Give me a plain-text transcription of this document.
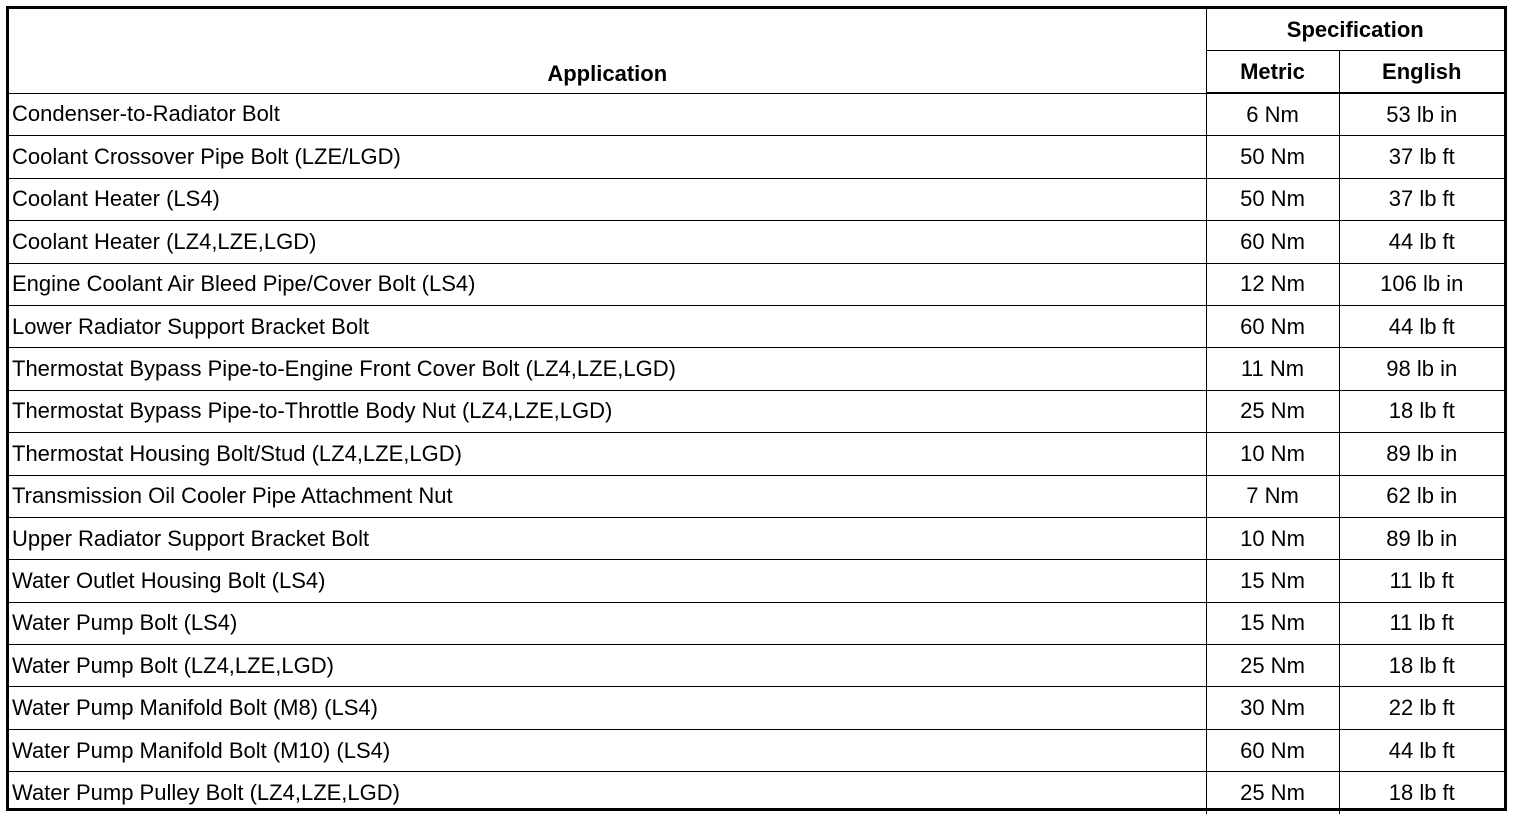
Application	Specification	
	Metric	English
Condenser-to-Radiator Bolt	6 Nm	53 lb in
Coolant Crossover Pipe Bolt (LZE/LGD)	50 Nm	37 lb ft
Coolant Heater (LS4)	50 Nm	37 lb ft
Coolant Heater (LZ4,LZE,LGD)	60 Nm	44 lb ft
Engine Coolant Air Bleed Pipe/Cover Bolt (LS4)	12 Nm	106 lb in
Lower Radiator Support Bracket Bolt	60 Nm	44 lb ft
Thermostat Bypass Pipe-to-Engine Front Cover Bolt (LZ4,LZE,LGD)	11 Nm	98 lb in
Thermostat Bypass Pipe-to-Throttle Body Nut (LZ4,LZE,LGD)	25 Nm	18 lb ft
Thermostat Housing Bolt/Stud (LZ4,LZE,LGD)	10 Nm	89 lb in
Transmission Oil Cooler Pipe Attachment Nut	7 Nm	62 lb in
Upper Radiator Support Bracket Bolt	10 Nm	89 lb in
Water Outlet Housing Bolt (LS4)	15 Nm	11 lb ft
Water Pump Bolt (LS4)	15 Nm	11 lb ft
Water Pump Bolt (LZ4,LZE,LGD)	25 Nm	18 lb ft
Water Pump Manifold Bolt (M8) (LS4)	30 Nm	22 lb ft
Water Pump Manifold Bolt (M10) (LS4)	60 Nm	44 lb ft
Water Pump Pulley Bolt (LZ4,LZE,LGD)	25 Nm	18 lb ft
